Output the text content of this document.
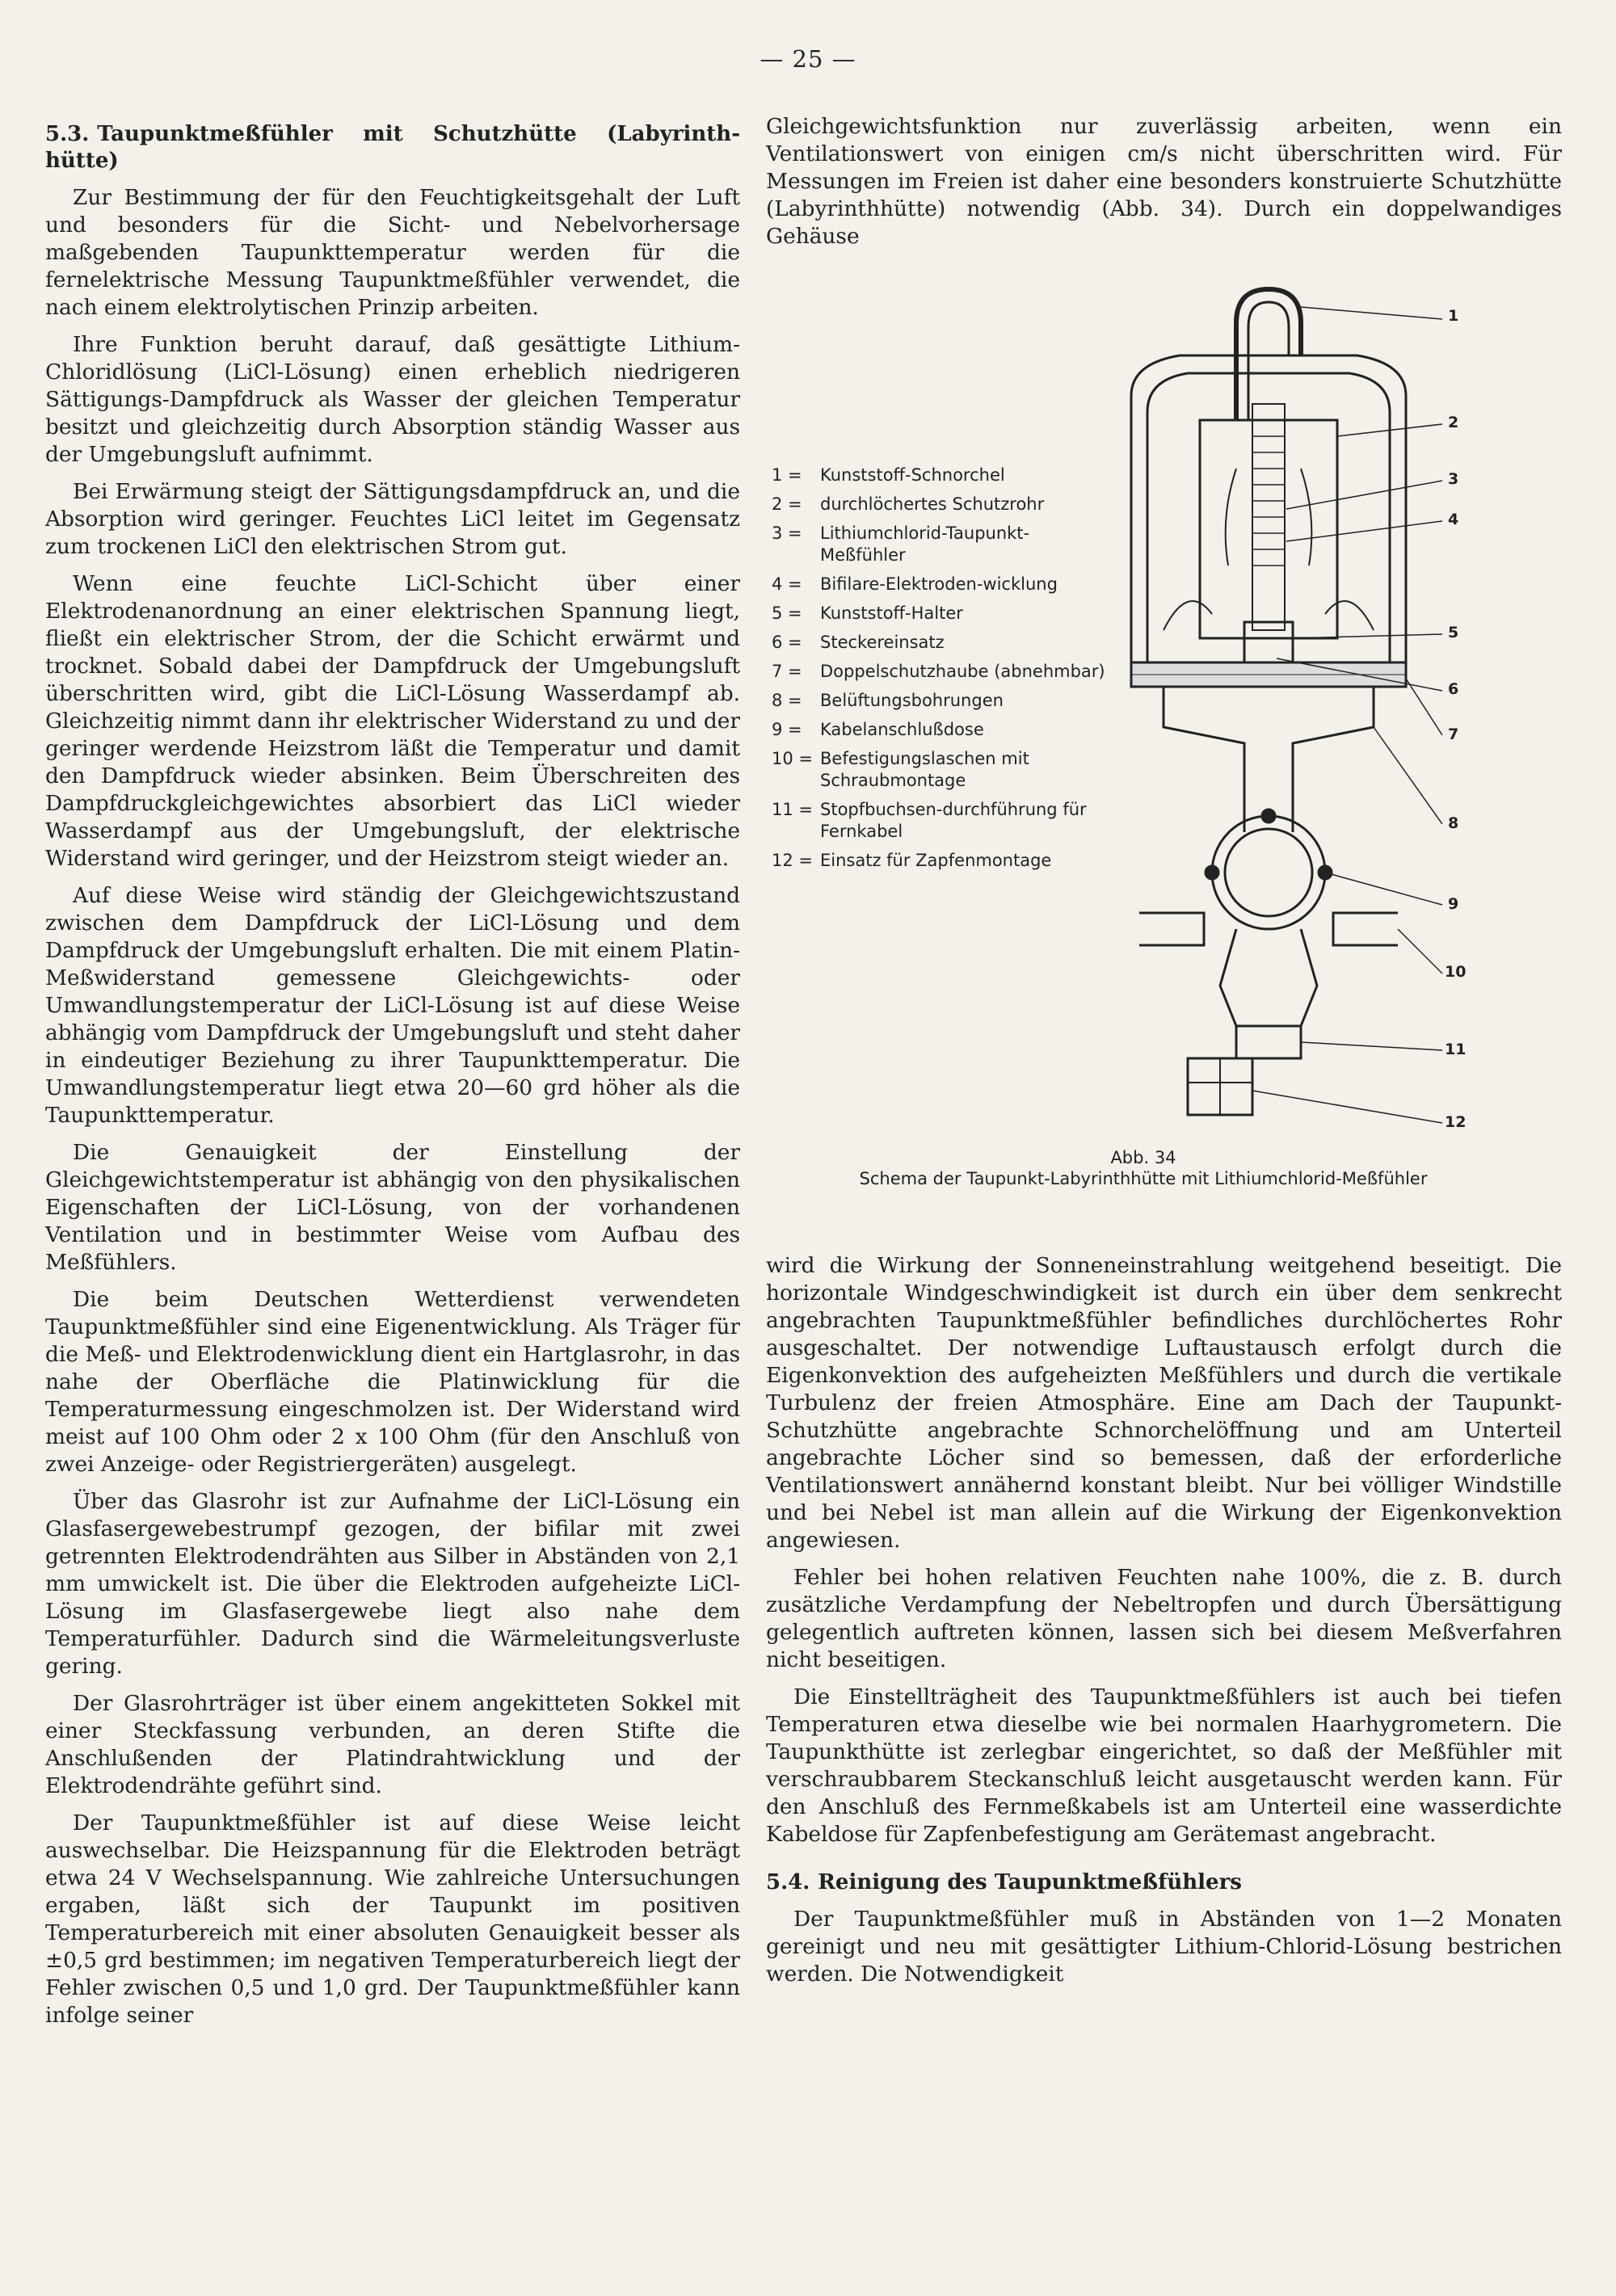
— 25 —

5.3. Taupunktmeßfühler mit Schutzhütte (Labyrinth-hütte)

Zur Bestimmung der für den Feuchtigkeitsgehalt der Luft und besonders für die Sicht- und Nebelvorhersage maßgebenden Taupunkttemperatur werden für die fernelektrische Messung Taupunktmeßfühler verwendet, die nach einem elektrolytischen Prinzip arbeiten.

Ihre Funktion beruht darauf, daß gesättigte Lithium-Chloridlösung (LiCl-Lösung) einen erheblich niedrigeren Sättigungs-Dampfdruck als Wasser der gleichen Temperatur besitzt und gleichzeitig durch Absorption ständig Wasser aus der Umgebungsluft aufnimmt.

Bei Erwärmung steigt der Sättigungsdampfdruck an, und die Absorption wird geringer. Feuchtes LiCl leitet im Gegensatz zum trockenen LiCl den elektrischen Strom gut.

Wenn eine feuchte LiCl-Schicht über einer Elektrodenanordnung an einer elektrischen Spannung liegt, fließt ein elektrischer Strom, der die Schicht erwärmt und trocknet. Sobald dabei der Dampfdruck der Umgebungsluft überschritten wird, gibt die LiCl-Lösung Wasserdampf ab. Gleichzeitig nimmt dann ihr elektrischer Widerstand zu und der geringer werdende Heizstrom läßt die Temperatur und damit den Dampfdruck wieder absinken. Beim Überschreiten des Dampfdruckgleichgewichtes absorbiert das LiCl wieder Wasserdampf aus der Umgebungsluft, der elektrische Widerstand wird geringer, und der Heizstrom steigt wieder an.

Auf diese Weise wird ständig der Gleichgewichtszustand zwischen dem Dampfdruck der LiCl-Lösung und dem Dampfdruck der Umgebungsluft erhalten. Die mit einem Platin-Meßwiderstand gemessene Gleichgewichts- oder Umwandlungstemperatur der LiCl-Lösung ist auf diese Weise abhängig vom Dampfdruck der Umgebungsluft und steht daher in eindeutiger Beziehung zu ihrer Taupunkttemperatur. Die Umwandlungstemperatur liegt etwa 20—60 grd höher als die Taupunkttemperatur.

Die Genauigkeit der Einstellung der Gleichgewichtstemperatur ist abhängig von den physikalischen Eigenschaften der LiCl-Lösung, von der vorhandenen Ventilation und in bestimmter Weise vom Aufbau des Meßfühlers.

Die beim Deutschen Wetterdienst verwendeten Taupunktmeßfühler sind eine Eigenentwicklung. Als Träger für die Meß- und Elektrodenwicklung dient ein Hartglasrohr, in das nahe der Oberfläche die Platinwicklung für die Temperaturmessung eingeschmolzen ist. Der Widerstand wird meist auf 100 Ohm oder 2 x 100 Ohm (für den Anschluß von zwei Anzeige- oder Registriergeräten) ausgelegt.

Über das Glasrohr ist zur Aufnahme der LiCl-Lösung ein Glasfasergewebestrumpf gezogen, der bifilar mit zwei getrennten Elektrodendrähten aus Silber in Abständen von 2,1 mm umwickelt ist. Die über die Elektroden aufgeheizte LiCl-Lösung im Glasfasergewebe liegt also nahe dem Temperaturfühler. Dadurch sind die Wärmeleitungsverluste gering.

Der Glasrohrträger ist über einem angekitteten Sokkel mit einer Steckfassung verbunden, an deren Stifte die Anschlußenden der Platindrahtwicklung und der Elektrodendrähte geführt sind.

Der Taupunktmeßfühler ist auf diese Weise leicht auswechselbar. Die Heizspannung für die Elektroden beträgt etwa 24 V Wechselspannung. Wie zahlreiche Untersuchungen ergaben, läßt sich der Taupunkt im positiven Temperaturbereich mit einer absoluten Genauigkeit besser als ±0,5 grd bestimmen; im negativen Temperaturbereich liegt der Fehler zwischen 0,5 und 1,0 grd. Der Taupunktmeßfühler kann infolge seiner

Gleichgewichtsfunktion nur zuverlässig arbeiten, wenn ein Ventilationswert von einigen cm/s nicht überschritten wird. Für Messungen im Freien ist daher eine besonders konstruierte Schutzhütte (Labyrinthhütte) notwendig (Abb. 34). Durch ein doppelwandiges Gehäuse

1 =	Kunststoff-Schnorchel
2 =	durchlöchertes Schutzrohr
3 =	Lithiumchlorid-Taupunkt-Meßfühler
4 =	Bifilare-Elektroden-wicklung
5 =	Kunststoff-Halter
6 =	Steckereinsatz
7 =	Doppelschutzhaube (abnehmbar)
8 =	Belüftungsbohrungen
9 =	Kabelanschlußdose
10 = Befestigungslaschen mit Schraubmontage
11 = Stopfbuchsen-durchführung für Fernkabel
12 = Einsatz für Zapfenmontage
1
2
3
4
5
6
7
8
9
10
11
12
Abb. 34
Schema der Taupunkt-Labyrinthhütte mit Lithiumchlorid-Meßfühler

wird die Wirkung der Sonneneinstrahlung weitgehend beseitigt. Die horizontale Windgeschwindigkeit ist durch ein über dem senkrecht angebrachten Taupunktmeßfühler befindliches durchlöchertes Rohr ausgeschaltet. Der notwendige Luftaustausch erfolgt durch die Eigenkonvektion des aufgeheizten Meßfühlers und durch die vertikale Turbulenz der freien Atmosphäre. Eine am Dach der Taupunkt-Schutzhütte angebrachte Schnorchelöffnung und am Unterteil angebrachte Löcher sind so bemessen, daß der erforderliche Ventilationswert annähernd konstant bleibt. Nur bei völliger Windstille und bei Nebel ist man allein auf die Wirkung der Eigenkonvektion angewiesen.

Fehler bei hohen relativen Feuchten nahe 100%, die z. B. durch zusätzliche Verdampfung der Nebeltropfen und durch Übersättigung gelegentlich auftreten können, lassen sich bei diesem Meßverfahren nicht beseitigen.

Die Einstellträgheit des Taupunktmeßfühlers ist auch bei tiefen Temperaturen etwa dieselbe wie bei normalen Haarhygrometern. Die Taupunkthütte ist zerlegbar eingerichtet, so daß der Meßfühler mit verschraubbarem Steckanschluß leicht ausgetauscht werden kann. Für den Anschluß des Fernmeßkabels ist am Unterteil eine wasserdichte Kabeldose für Zapfenbefestigung am Gerätemast angebracht.

5.4. Reinigung des Taupunktmeßfühlers

Der Taupunktmeßfühler muß in Abständen von 1—2 Monaten gereinigt und neu mit gesättigter Lithium-Chlorid-Lösung bestrichen werden. Die Notwendigkeit
